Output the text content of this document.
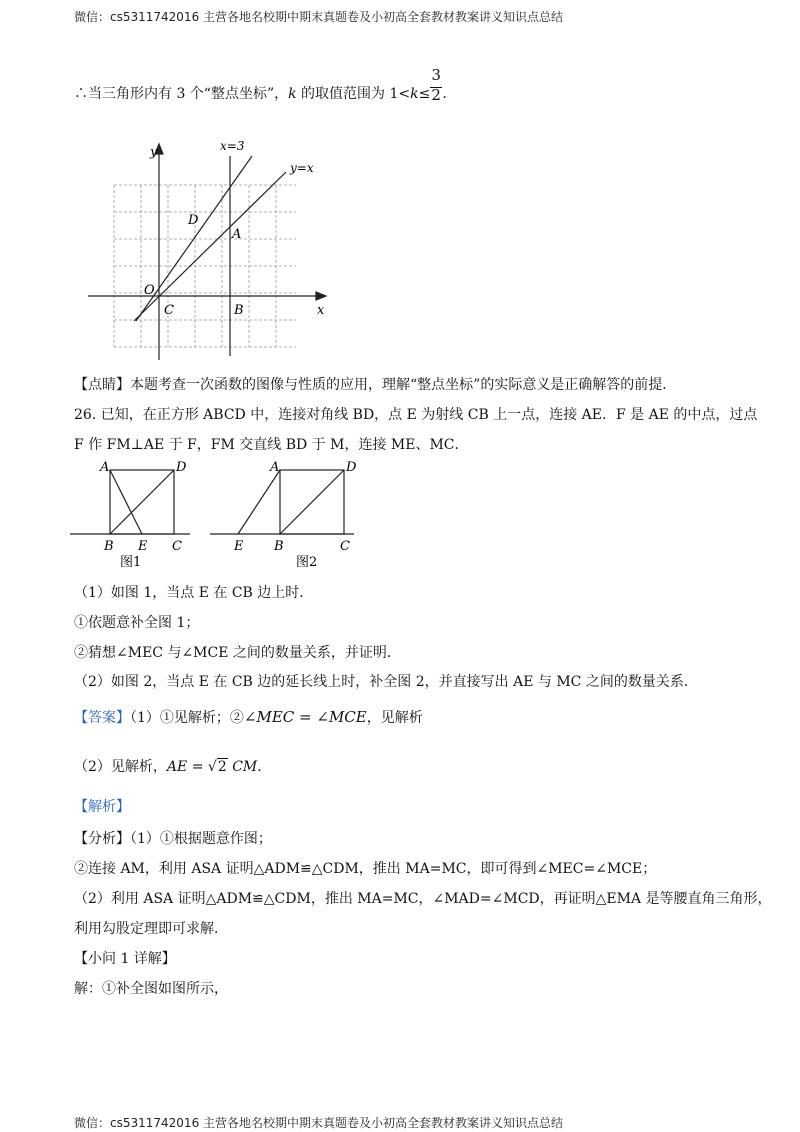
微信：cs5311742016 主营各地名校期中期末真题卷及小初高全套教材教案讲义知识点总结
∴当三角形内有 3 个“整点坐标”，k 的取值范围为 $1<k\le \frac{3}{2}$ .
y
x
x=3
y=x
O
C	B
D
A
【点睛】本题考查一次函数的图像与性质的应用，理解“整点坐标”的实际意义是正确解答的前提．
26. 已知，在正方形 ABCD 中，连接对角线 BD，点 E 为射线 CB 上一点，连接 AE．F 是 AE 的中点，过点
F 作 FM⊥AE 于 F，FM 交直线 BD 于 M，连接 ME、MC．
A	D
B E C
图1
A	D
E B	C
图2
（1）如图 1，当点 E 在 CB 边上时．
①依题意补全图 1；
②猜想∠MEC 与∠MCE 之间的数量关系，并证明．
（2）如图 2，当点 E 在 CB 边的延长线上时，补全图 2，并直接写出 AE 与 MC 之间的数量关系．
【答案】（1）①见解析；②∠MEC = ∠MCE，见解析
（2）见解析，AE = √2 CM.
【解析】
【分析】（1）①根据题意作图；
②连接 AM，利用 ASA 证明△ADM≌△CDM，推出 MA=MC，即可得到∠MEC=∠MCE；
（2）利用 ASA 证明△ADM≌△CDM，推出 MA=MC，∠MAD=∠MCD，再证明△EMA 是等腰直角三角形，
利用勾股定理即可求解．
【小问 1 详解】
解：①补全图如图所示，
微信：cs5311742016 主营各地名校期中期末真题卷及小初高全套教材教案讲义知识点总结
